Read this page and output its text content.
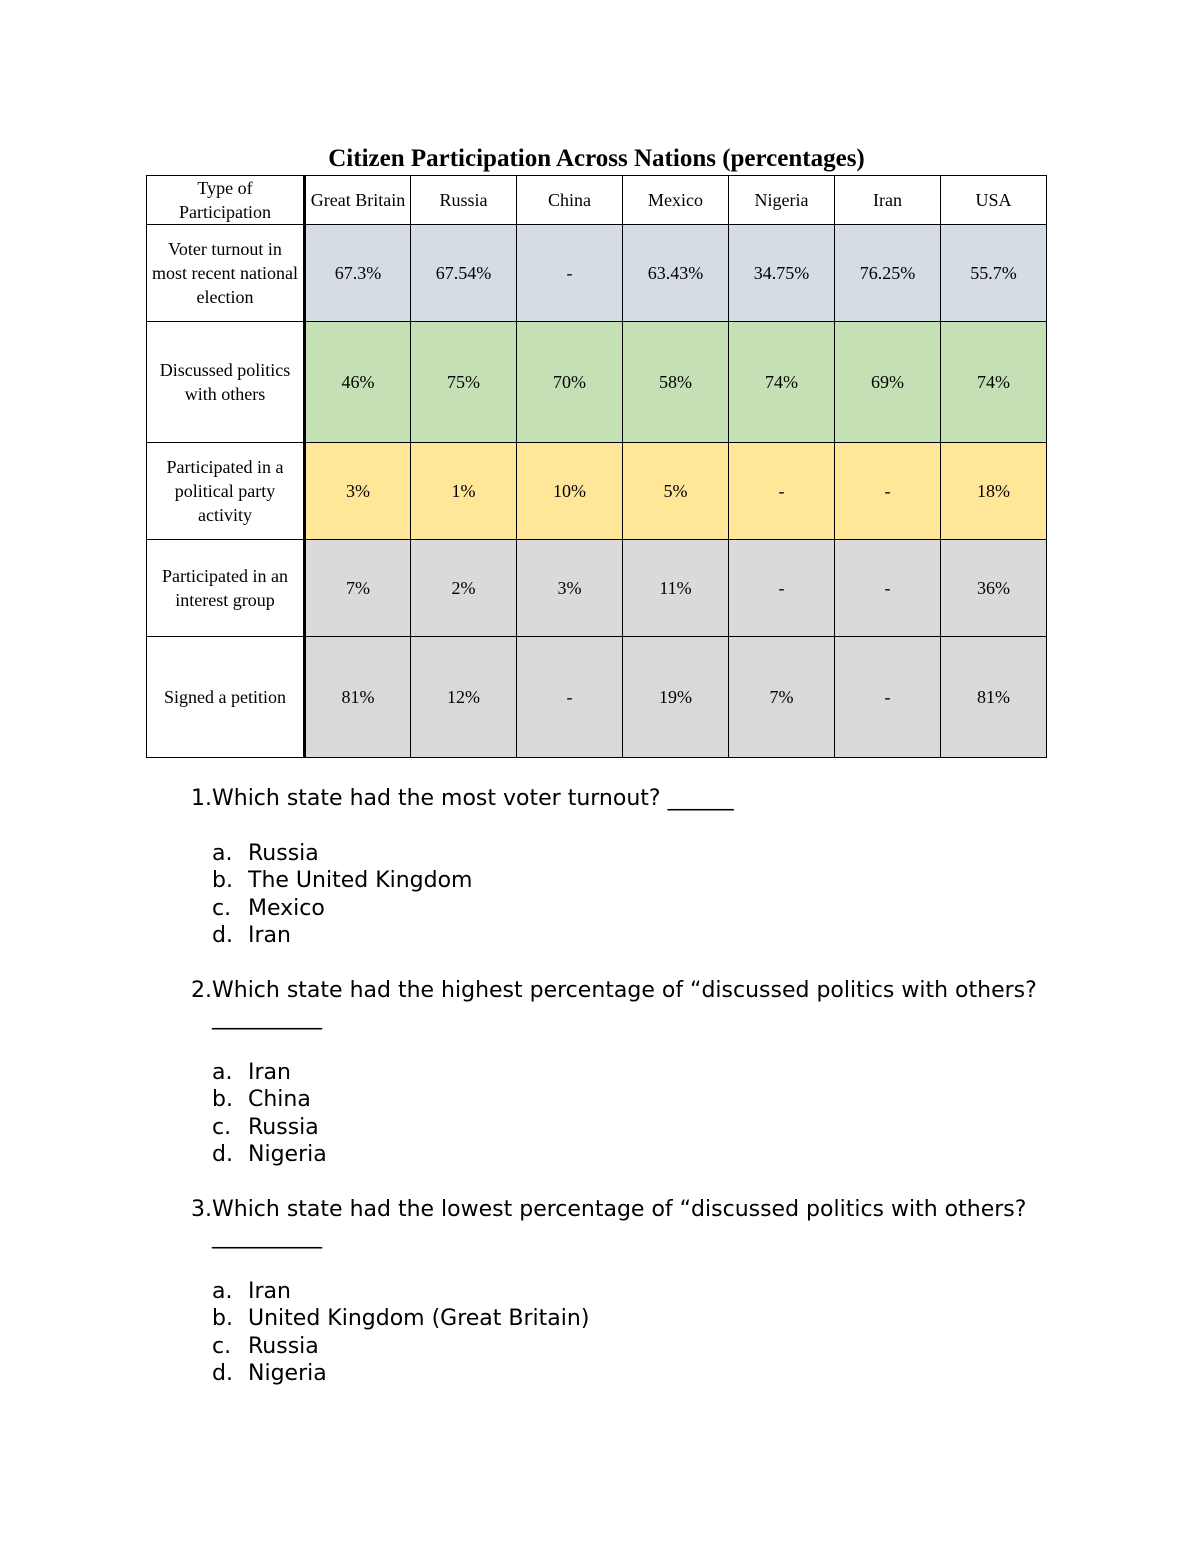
Citizen Participation Across Nations (percentages)
Type of Participation	Great Britain	Russia	China	Mexico	Nigeria	Iran	USA
Voter turnout in most recent national election	67.3%	67.54%	-	63.43%	34.75%	76.25%	55.7%
Discussed politics with others	46%	75%	70%	58%	74%	69%	74%
Participated in a political party activity	3%	1%	10%	5%	-	-	18%
Participated in an interest group	7%	2%	3%	11%	-	-	36%
Signed a petition	81%	12%	-	19%	7%	-	81%
1. Which state had the most voter turnout? ______

a. Russia
b. The United Kingdom
c. Mexico
d. Iran
2. Which state had the highest percentage of “discussed politics with others? __________

a. Iran
b. China
c. Russia
d. Nigeria
3. Which state had the lowest percentage of “discussed politics with others? __________

a. Iran
b. United Kingdom (Great Britain)
c. Russia
d. Nigeria
